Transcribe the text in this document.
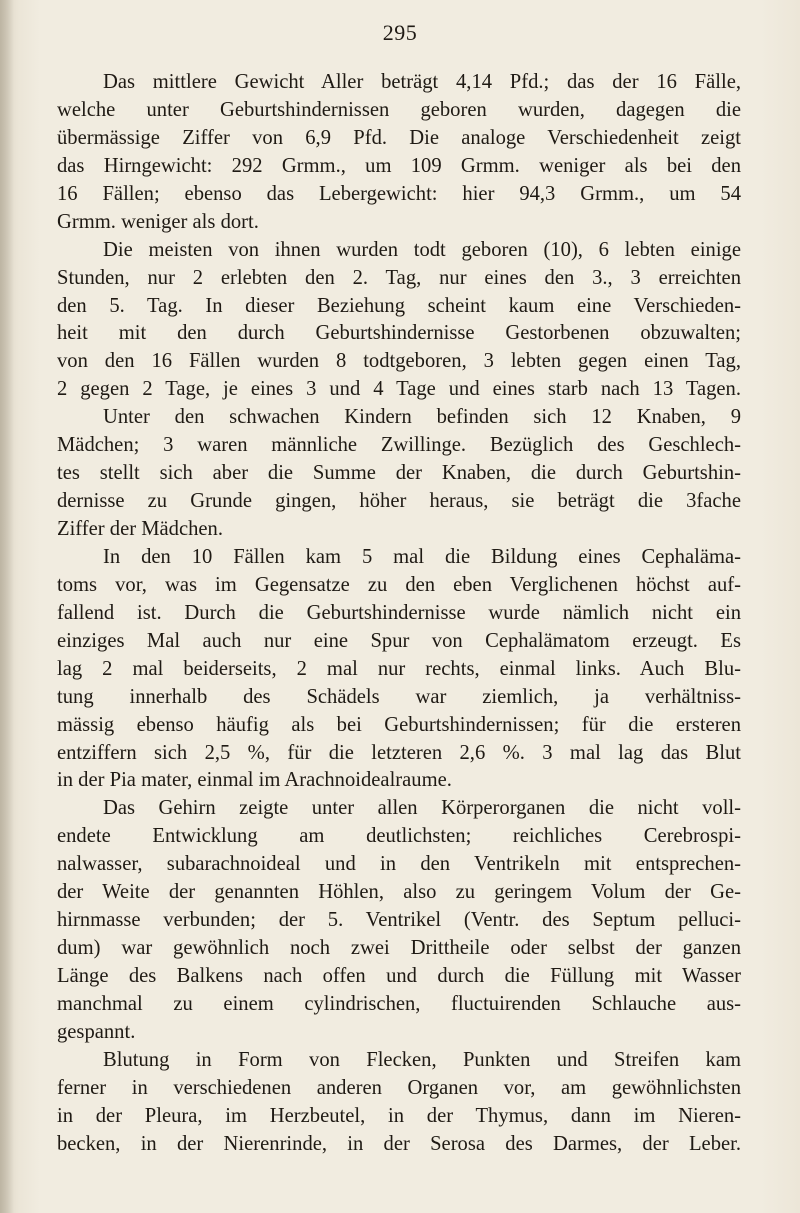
295
Das mittlere Gewicht Aller beträgt 4,14 Pfd.; das der 16 Fälle,
welche unter Geburtshindernissen geboren wurden, dagegen die
übermässige Ziffer von 6,9 Pfd. Die analoge Verschiedenheit zeigt
das Hirngewicht: 292 Grmm., um 109 Grmm. weniger als bei den
16 Fällen; ebenso das Lebergewicht: hier 94,3 Grmm., um 54
Grmm. weniger als dort.
Die meisten von ihnen wurden todt geboren (10), 6 lebten einige
Stunden, nur 2 erlebten den 2. Tag, nur eines den 3., 3 erreichten
den 5. Tag. In dieser Beziehung scheint kaum eine Verschieden-
heit mit den durch Geburtshindernisse Gestorbenen obzuwalten;
von den 16 Fällen wurden 8 todtgeboren, 3 lebten gegen einen Tag,
2 gegen 2 Tage, je eines 3 und 4 Tage und eines starb nach 13 Tagen.
Unter den schwachen Kindern befinden sich 12 Knaben, 9
Mädchen; 3 waren männliche Zwillinge. Bezüglich des Geschlech-
tes stellt sich aber die Summe der Knaben, die durch Geburtshin-
dernisse zu Grunde gingen, höher heraus, sie beträgt die 3fache
Ziffer der Mädchen.
In den 10 Fällen kam 5 mal die Bildung eines Cephaläma-
toms vor, was im Gegensatze zu den eben Verglichenen höchst auf-
fallend ist. Durch die Geburtshindernisse wurde nämlich nicht ein
einziges Mal auch nur eine Spur von Cephalämatom erzeugt. Es
lag 2 mal beiderseits, 2 mal nur rechts, einmal links. Auch Blu-
tung innerhalb des Schädels war ziemlich, ja verhältniss-
mässig ebenso häufig als bei Geburtshindernissen; für die ersteren
entziffern sich 2,5 %, für die letzteren 2,6 %. 3 mal lag das Blut
in der Pia mater, einmal im Arachnoidealraume.
Das Gehirn zeigte unter allen Körperorganen die nicht voll-
endete Entwicklung am deutlichsten; reichliches Cerebrospi-
nalwasser, subarachnoideal und in den Ventrikeln mit entsprechen-
der Weite der genannten Höhlen, also zu geringem Volum der Ge-
hirnmasse verbunden; der 5. Ventrikel (Ventr. des Septum pelluci-
dum) war gewöhnlich noch zwei Drittheile oder selbst der ganzen
Länge des Balkens nach offen und durch die Füllung mit Wasser
manchmal zu einem cylindrischen, fluctuirenden Schlauche aus-
gespannt.
Blutung in Form von Flecken, Punkten und Streifen kam
ferner in verschiedenen anderen Organen vor, am gewöhnlichsten
in der Pleura, im Herzbeutel, in der Thymus, dann im Nieren-
becken, in der Nierenrinde, in der Serosa des Darmes, der Leber.
